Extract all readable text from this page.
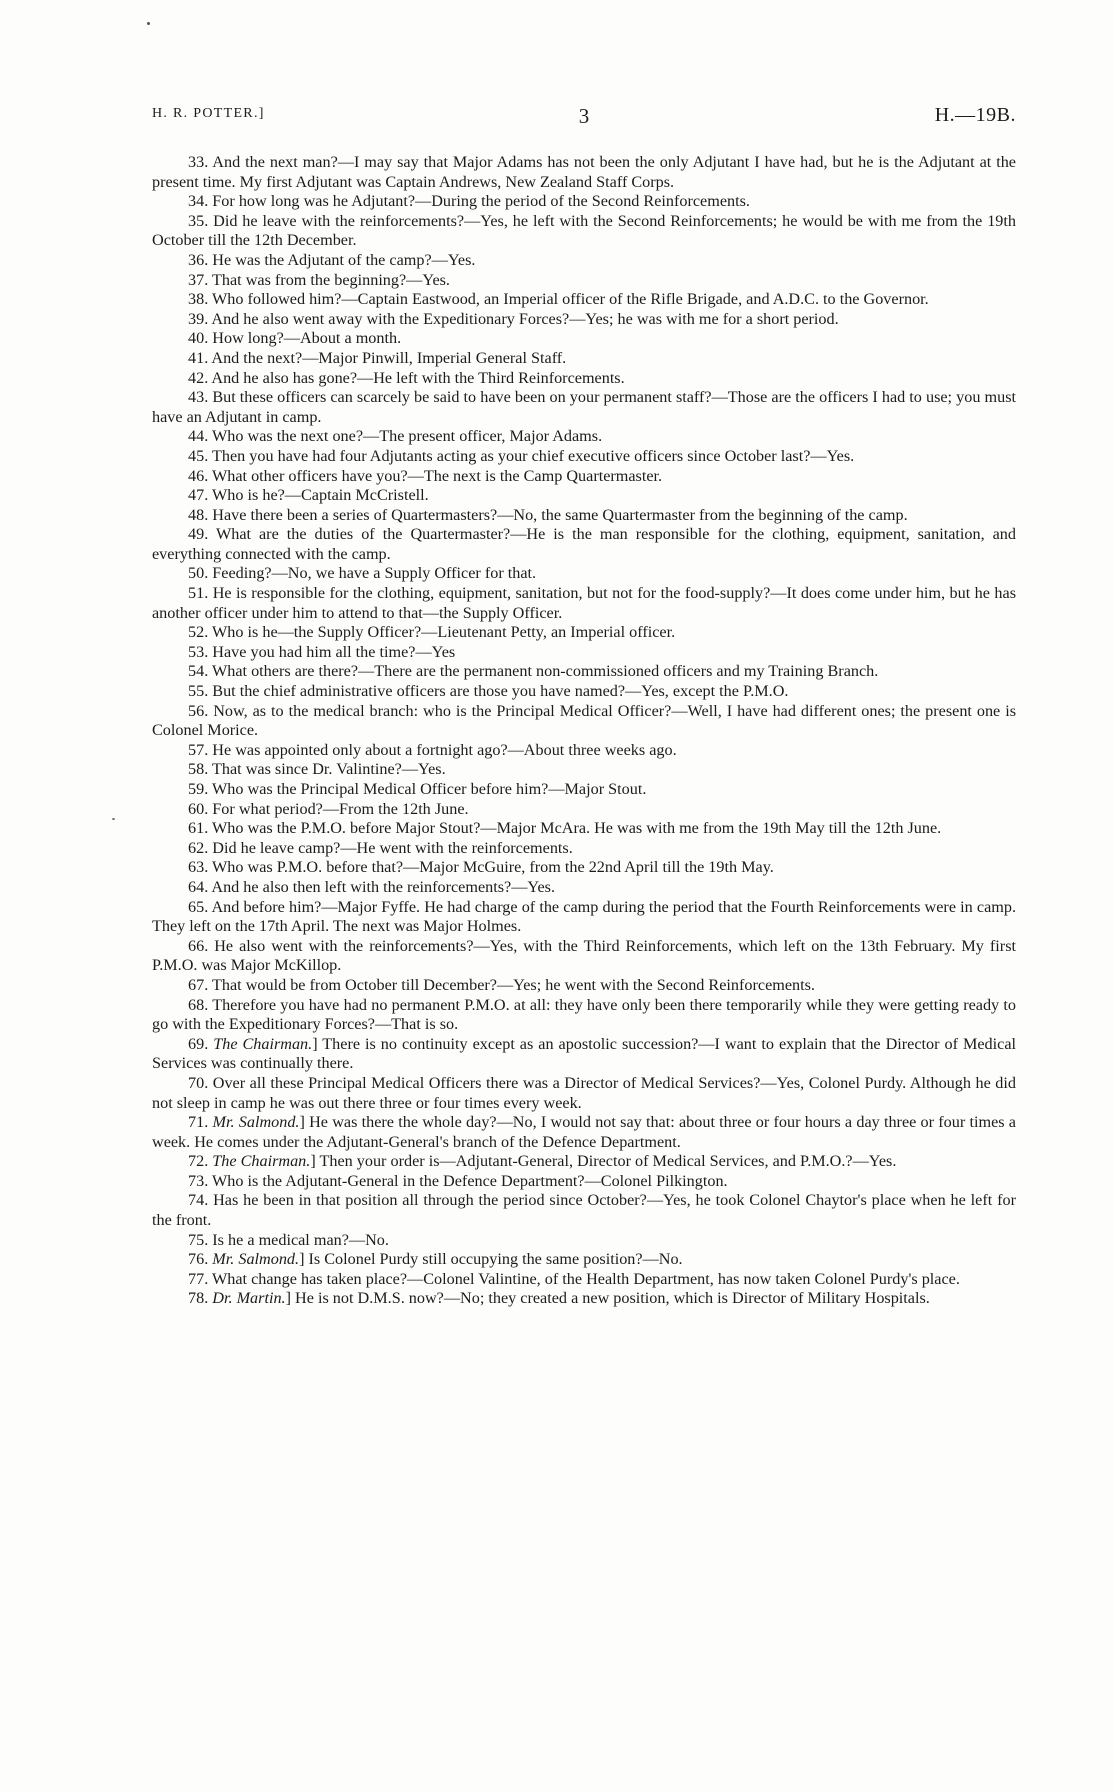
H. R. POTTER.]	3	H.—19B.

33. And the next man?—I may say that Major Adams has not been the only Adjutant I have had, but he is the Adjutant at the present time. My first Adjutant was Captain Andrews, New Zealand Staff Corps.

34. For how long was he Adjutant?—During the period of the Second Reinforcements.

35. Did he leave with the reinforcements?—Yes, he left with the Second Reinforcements; he would be with me from the 19th October till the 12th December.

36. He was the Adjutant of the camp?—Yes.

37. That was from the beginning?—Yes.

38. Who followed him?—Captain Eastwood, an Imperial officer of the Rifle Brigade, and A.D.C. to the Governor.

39. And he also went away with the Expeditionary Forces?—Yes; he was with me for a short period.

40. How long?—About a month.

41. And the next?—Major Pinwill, Imperial General Staff.

42. And he also has gone?—He left with the Third Reinforcements.

43. But these officers can scarcely be said to have been on your permanent staff?—Those are the officers I had to use; you must have an Adjutant in camp.

44. Who was the next one?—The present officer, Major Adams.

45. Then you have had four Adjutants acting as your chief executive officers since October last?—Yes.

46. What other officers have you?—The next is the Camp Quartermaster.

47. Who is he?—Captain McCristell.

48. Have there been a series of Quartermasters?—No, the same Quartermaster from the beginning of the camp.

49. What are the duties of the Quartermaster?—He is the man responsible for the clothing, equipment, sanitation, and everything connected with the camp.

50. Feeding?—No, we have a Supply Officer for that.

51. He is responsible for the clothing, equipment, sanitation, but not for the food-supply?—It does come under him, but he has another officer under him to attend to that—the Supply Officer.

52. Who is he—the Supply Officer?—Lieutenant Petty, an Imperial officer.

53. Have you had him all the time?—Yes

54. What others are there?—There are the permanent non-commissioned officers and my Training Branch.

55. But the chief administrative officers are those you have named?—Yes, except the P.M.O.

56. Now, as to the medical branch: who is the Principal Medical Officer?—Well, I have had different ones; the present one is Colonel Morice.

57. He was appointed only about a fortnight ago?—About three weeks ago.

58. That was since Dr. Valintine?—Yes.

59. Who was the Principal Medical Officer before him?—Major Stout.

60. For what period?—From the 12th June.

61. Who was the P.M.O. before Major Stout?—Major McAra. He was with me from the 19th May till the 12th June.

62. Did he leave camp?—He went with the reinforcements.

63. Who was P.M.O. before that?—Major McGuire, from the 22nd April till the 19th May.

64. And he also then left with the reinforcements?—Yes.

65. And before him?—Major Fyffe. He had charge of the camp during the period that the Fourth Reinforcements were in camp. They left on the 17th April. The next was Major Holmes.

66. He also went with the reinforcements?—Yes, with the Third Reinforcements, which left on the 13th February. My first P.M.O. was Major McKillop.

67. That would be from October till December?—Yes; he went with the Second Reinforcements.

68. Therefore you have had no permanent P.M.O. at all: they have only been there temporarily while they were getting ready to go with the Expeditionary Forces?—That is so.

69. The Chairman.] There is no continuity except as an apostolic succession?—I want to explain that the Director of Medical Services was continually there.

70. Over all these Principal Medical Officers there was a Director of Medical Services?—Yes, Colonel Purdy. Although he did not sleep in camp he was out there three or four times every week.

71. Mr. Salmond.] He was there the whole day?—No, I would not say that: about three or four hours a day three or four times a week. He comes under the Adjutant-General's branch of the Defence Department.

72. The Chairman.] Then your order is—Adjutant-General, Director of Medical Services, and P.M.O.?—Yes.

73. Who is the Adjutant-General in the Defence Department?—Colonel Pilkington.

74. Has he been in that position all through the period since October?—Yes, he took Colonel Chaytor's place when he left for the front.

75. Is he a medical man?—No.

76. Mr. Salmond.] Is Colonel Purdy still occupying the same position?—No.

77. What change has taken place?—Colonel Valintine, of the Health Department, has now taken Colonel Purdy's place.

78. Dr. Martin.] He is not D.M.S. now?—No; they created a new position, which is Director of Military Hospitals.
